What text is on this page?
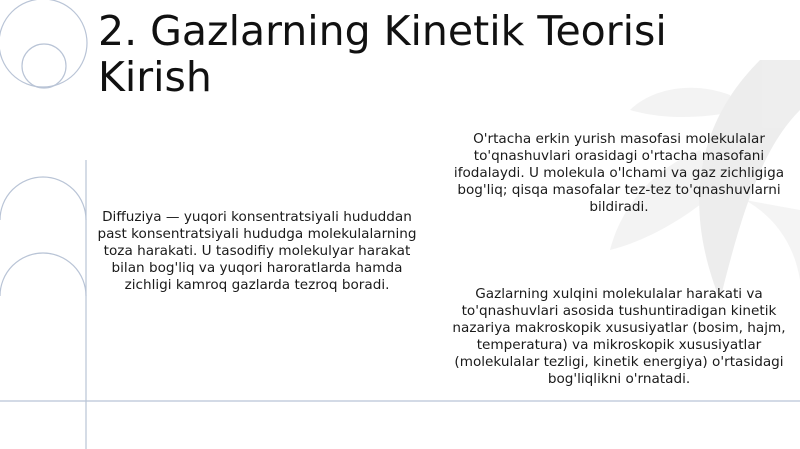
2. Gazlarning Kinetik Teorisi Kirish

Diffuziya — yuqori konsentratsiyali hududdan past konsentratsiyali hududga molekulalarning toza harakati. U tasodifiy molekulyar harakat bilan bog'liq va yuqori haroratlarda hamda zichligi kamroq gazlarda tezroq boradi.

O'rtacha erkin yurish masofasi molekulalar to'qnashuvlari orasidagi o'rtacha masofani ifodalaydi. U molekula o'lchami va gaz zichligiga bog'liq; qisqa masofalar tez-tez to'qnashuvlarni bildiradi.

Gazlarning xulqini molekulalar harakati va to'qnashuvlari asosida tushuntiradigan kinetik nazariya makroskopik xususiyatlar (bosim, hajm, temperatura) va mikroskopik xususiyatlar (molekulalar tezligi, kinetik energiya) o'rtasidagi bog'liqlikni o'rnatadi.
